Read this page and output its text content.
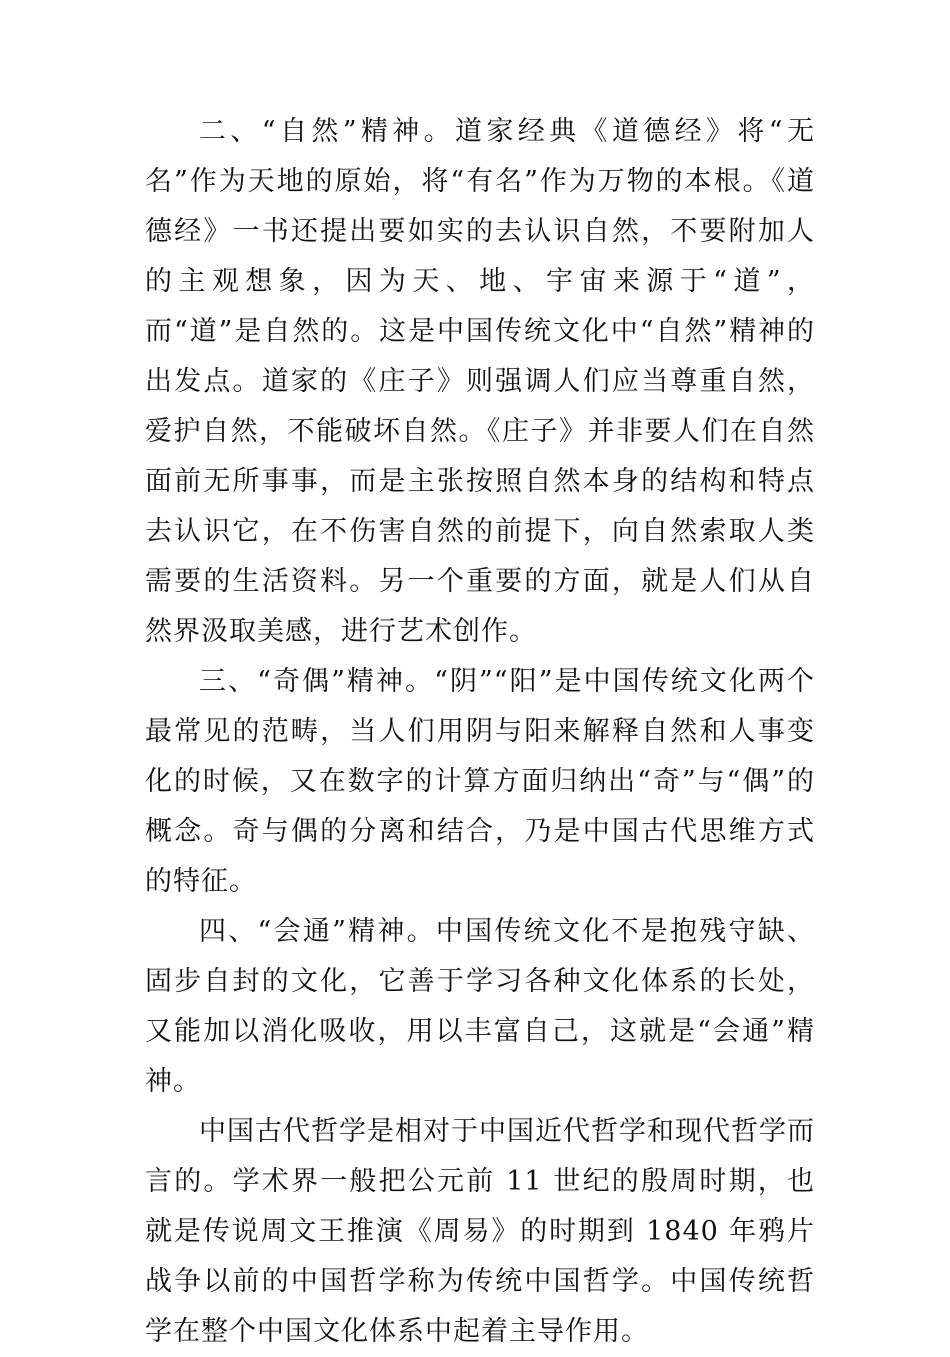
二、“自然”精神。道家经典《道德经》将“无名”作为天地的原始，将“有名”作为万物的本根。《道德经》一书还提出要如实的去认识自然，不要附加人的主观想象，因为天、地、宇宙来源于“道”，而“道”是自然的。这是中国传统文化中“自然”精神的出发点。道家的《庄子》则强调人们应当尊重自然，爱护自然，不能破坏自然。《庄子》并非要人们在自然面前无所事事，而是主张按照自然本身的结构和特点去认识它，在不伤害自然的前提下，向自然索取人类需要的生活资料。另一个重要的方面，就是人们从自然界汲取美感，进行艺术创作。

三、“奇偶”精神。“阴”“阳”是中国传统文化两个最常见的范畴，当人们用阴与阳来解释自然和人事变化的时候，又在数字的计算方面归纳出“奇”与“偶”的概念。奇与偶的分离和结合，乃是中国古代思维方式的特征。

四、“会通”精神。中国传统文化不是抱残守缺、固步自封的文化，它善于学习各种文化体系的长处，又能加以消化吸收，用以丰富自己，这就是“会通”精神。

中国古代哲学是相对于中国近代哲学和现代哲学而言的。学术界一般把公元前 11 世纪的殷周时期，也就是传说周文王推演《周易》的时期到 1840 年鸦片战争以前的中国哲学称为传统中国哲学。中国传统哲学在整个中国文化体系中起着主导作用。
